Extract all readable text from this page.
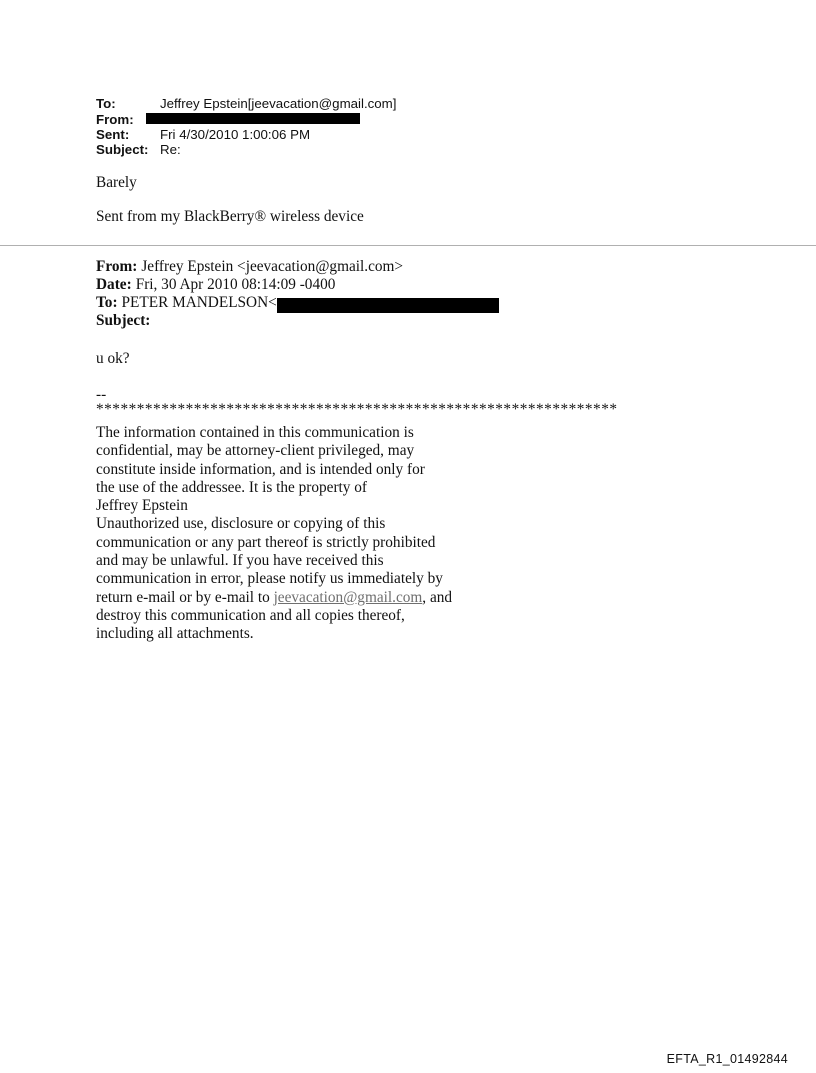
To:	Jeffrey Epstein[jeevacation@gmail.com]
From:
Sent:	Fri 4/30/2010 1:00:06 PM
Subject: Re:
Barely
Sent from my BlackBerry® wireless device
From: Jeffrey Epstein <jeevacation@gmail.com>
Date: Fri, 30 Apr 2010 08:14:09 -0400
To: PETER MANDELSON<
Subject:
u ok?
--
****************************************************************
The information contained in this communication is
confidential, may be attorney-client privileged, may
constitute inside information, and is intended only for
the use of the addressee. It is the property of
Jeffrey Epstein
Unauthorized use, disclosure or copying of this
communication or any part thereof is strictly prohibited
and may be unlawful. If you have received this
communication in error, please notify us immediately by
return e-mail or by e-mail to jeevacation@gmail.com, and
destroy this communication and all copies thereof,
including all attachments.
EFTA_R1_01492844
